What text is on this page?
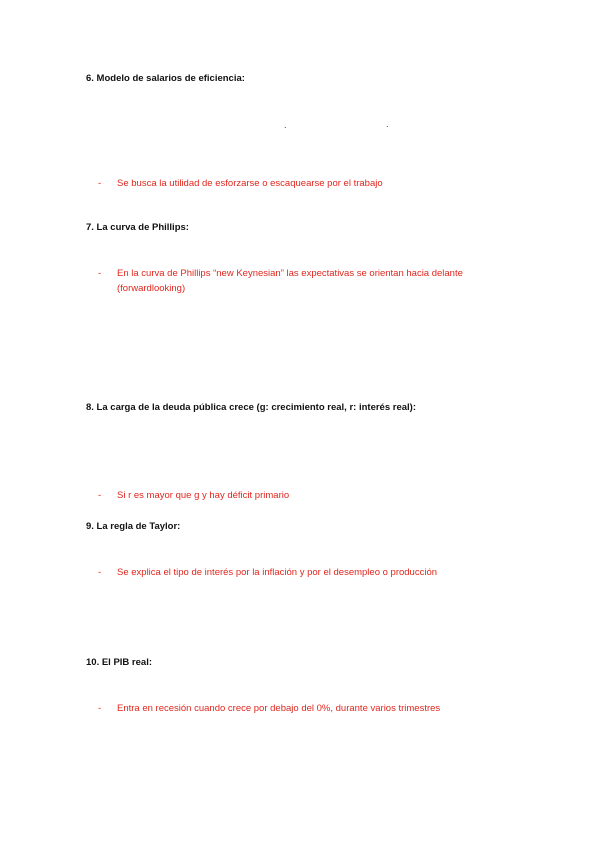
6. Modelo de salarios de eficiencia:
.	.
- Se busca la utilidad de esforzarse o escaquearse por el trabajo
7. La curva de Phillips:
- En la curva de Phillips “new Keynesian” las expectativas se orientan hacia delante (forwardlooking)
8. La carga de la deuda pública crece (g: crecimiento real, r: interés real):
- Si r es mayor que g y hay déficit primario
9. La regla de Taylor:
- Se explica el tipo de interés por la inflación y por el desempleo o producción
10. El PIB real:
- Entra en recesión cuando crece por debajo del 0%, durante varios trimestres
